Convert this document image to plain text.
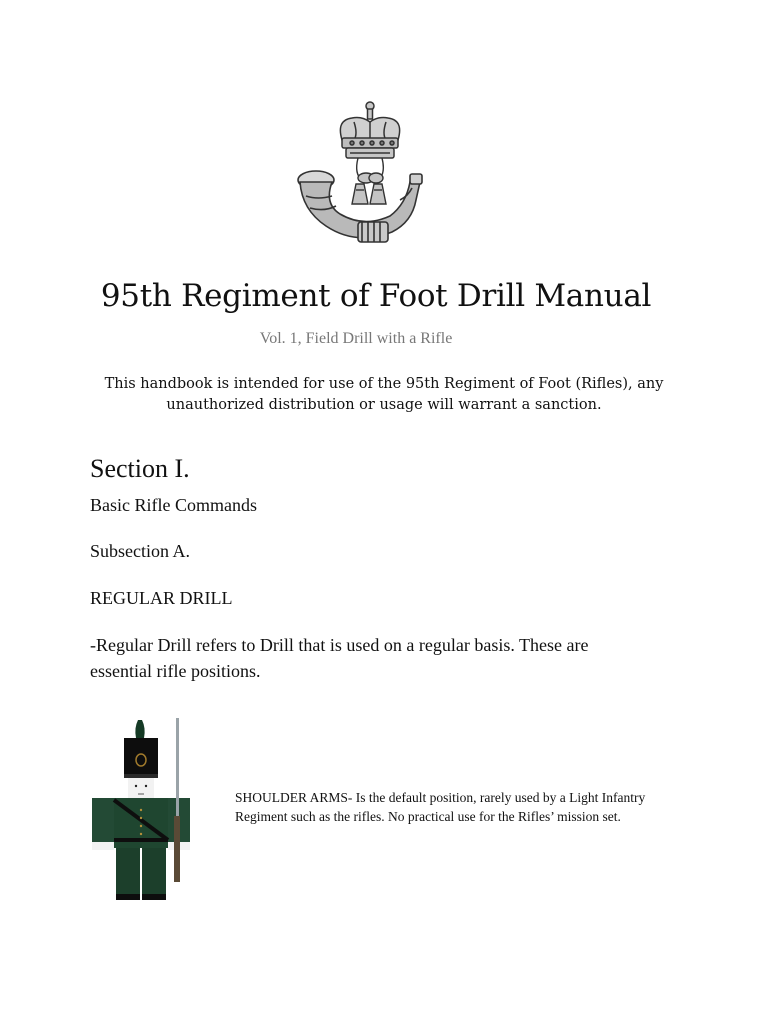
95th Regiment of Foot Drill Manual
Vol. 1, Field Drill with a Rifle
This handbook is intended for use of the 95th Regiment of Foot (Rifles), any unauthorized distribution or usage will warrant a sanction.
Section I.
Basic Rifle Commands
Subsection A.
REGULAR DRILL
-Regular Drill refers to Drill that is used on a regular basis. These are essential rifle positions.
SHOULDER ARMS- Is the default position, rarely used by a Light Infantry Regiment such as the rifles. No practical use for the Rifles’ mission set.
